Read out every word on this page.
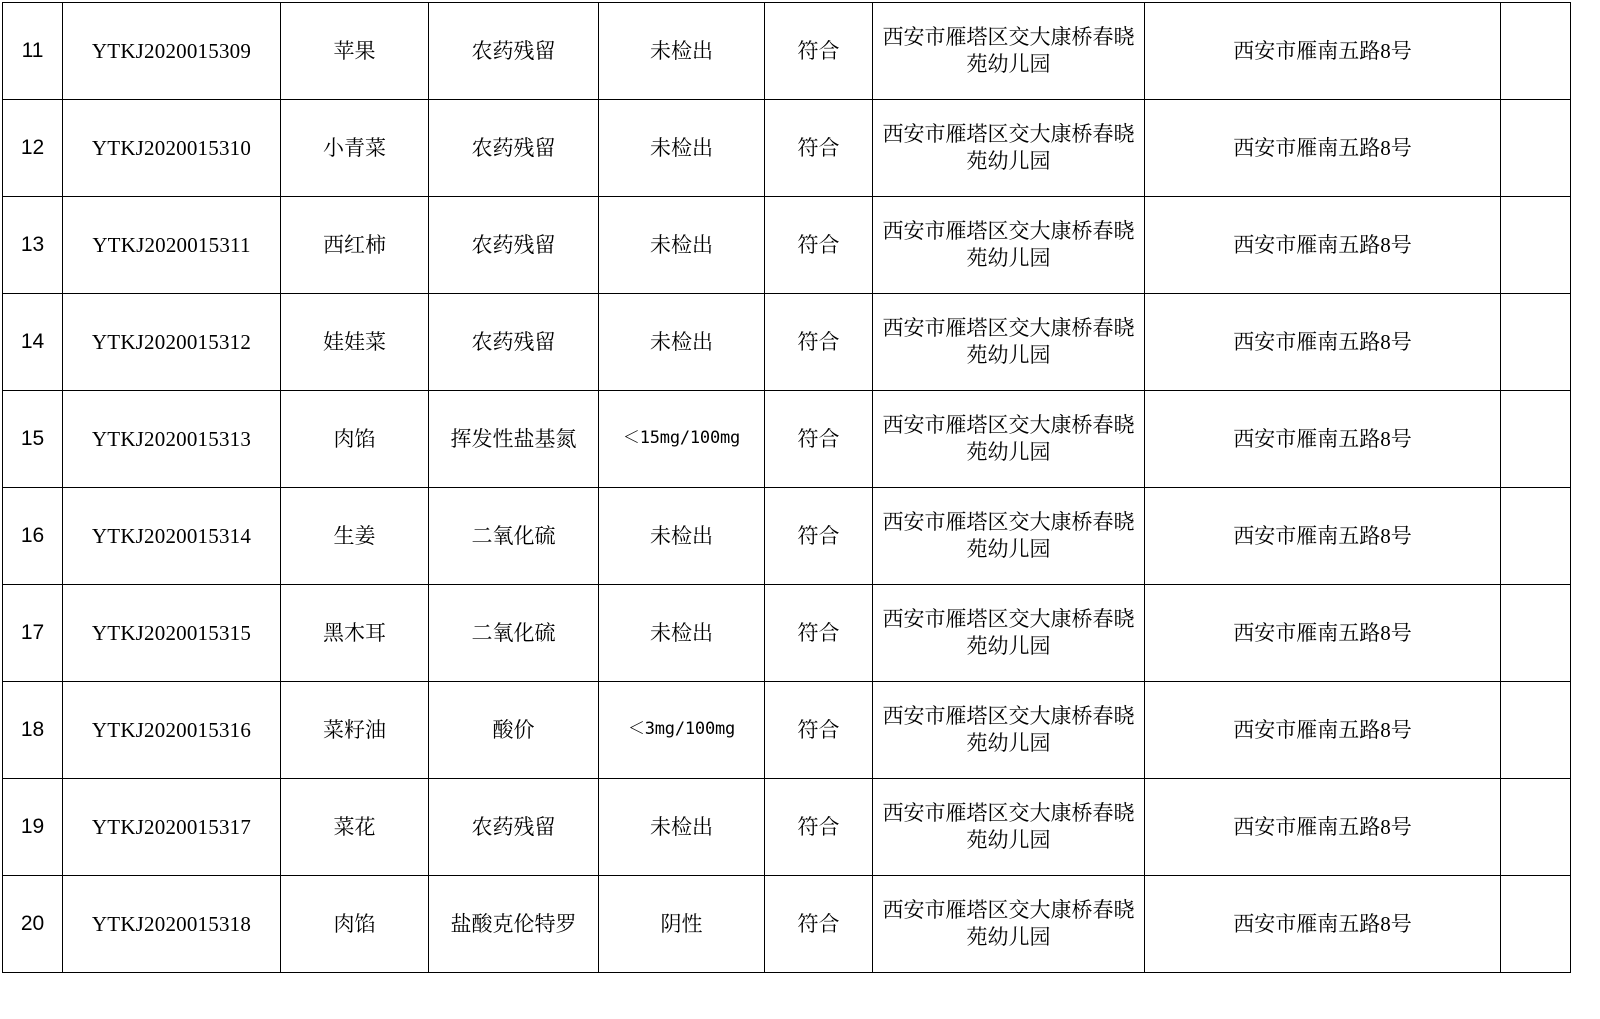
11	YTKJ2020015309	苹果	农药残留	未检出	符合	西安市雁塔区交大康桥春晓苑幼儿园	西安市雁南五路8号	
12	YTKJ2020015310	小青菜	农药残留	未检出	符合	西安市雁塔区交大康桥春晓苑幼儿园	西安市雁南五路8号	
13	YTKJ2020015311	西红柿	农药残留	未检出	符合	西安市雁塔区交大康桥春晓苑幼儿园	西安市雁南五路8号	
14	YTKJ2020015312	娃娃菜	农药残留	未检出	符合	西安市雁塔区交大康桥春晓苑幼儿园	西安市雁南五路8号	
15	YTKJ2020015313	肉馅	挥发性盐基氮	＜15mg/100mg	符合	西安市雁塔区交大康桥春晓苑幼儿园	西安市雁南五路8号	
16	YTKJ2020015314	生姜	二氧化硫	未检出	符合	西安市雁塔区交大康桥春晓苑幼儿园	西安市雁南五路8号	
17	YTKJ2020015315	黑木耳	二氧化硫	未检出	符合	西安市雁塔区交大康桥春晓苑幼儿园	西安市雁南五路8号	
18	YTKJ2020015316	菜籽油	酸价	＜3mg/100mg	符合	西安市雁塔区交大康桥春晓苑幼儿园	西安市雁南五路8号	
19	YTKJ2020015317	菜花	农药残留	未检出	符合	西安市雁塔区交大康桥春晓苑幼儿园	西安市雁南五路8号	
20	YTKJ2020015318	肉馅	盐酸克伦特罗	阴性	符合	西安市雁塔区交大康桥春晓苑幼儿园	西安市雁南五路8号	
